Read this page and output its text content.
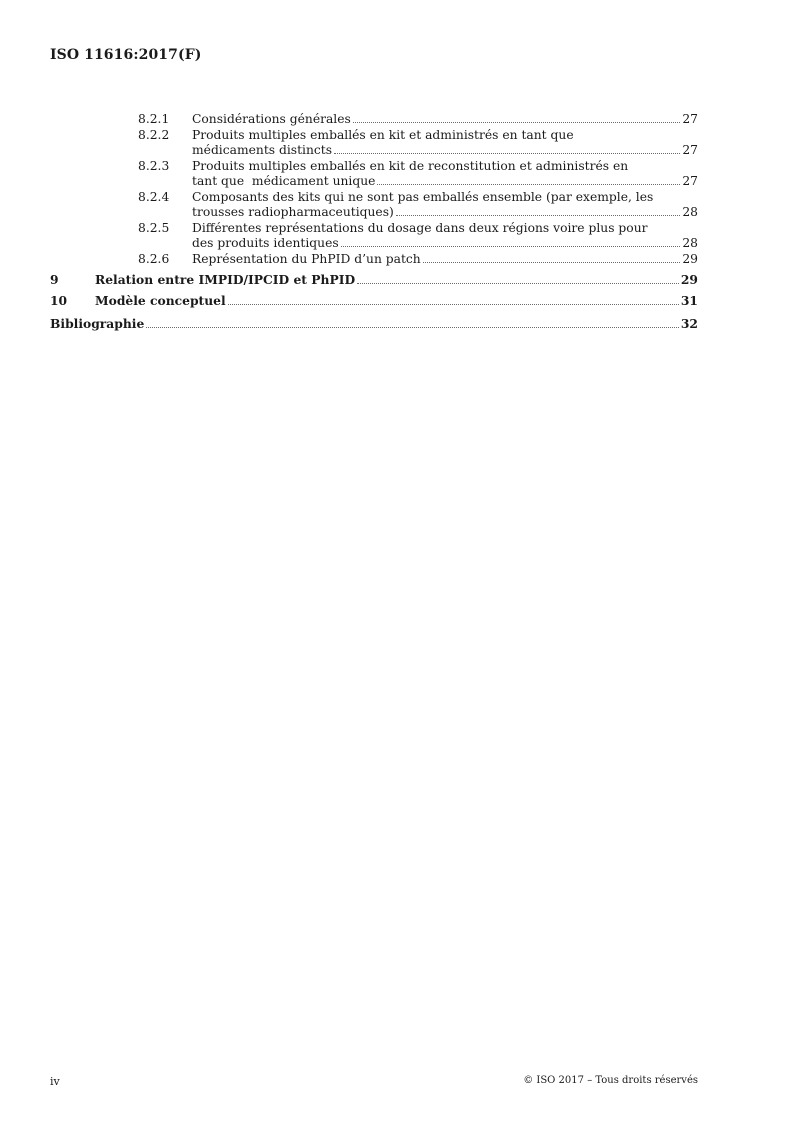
ISO 11616:2017(F)
8.2.1	Considérations générales	27
8.2.2	Produits multiples emballés en kit et administrés en tant que
médicaments distincts	27
8.2.3	Produits multiples emballés en kit de reconstitution et administrés en
tant que  médicament unique	27
8.2.4	Composants des kits qui ne sont pas emballés ensemble (par exemple, les
trousses radiopharmaceutiques)	28
8.2.5	Différentes représentations du dosage dans deux régions voire plus pour
des produits identiques	28
8.2.6	Représentation du PhPID d’un patch	29
9	Relation entre IMPID/IPCID et PhPID	29
10	Modèle conceptuel	31
Bibliographie	32
iv	© ISO 2017 – Tous droits réservés
